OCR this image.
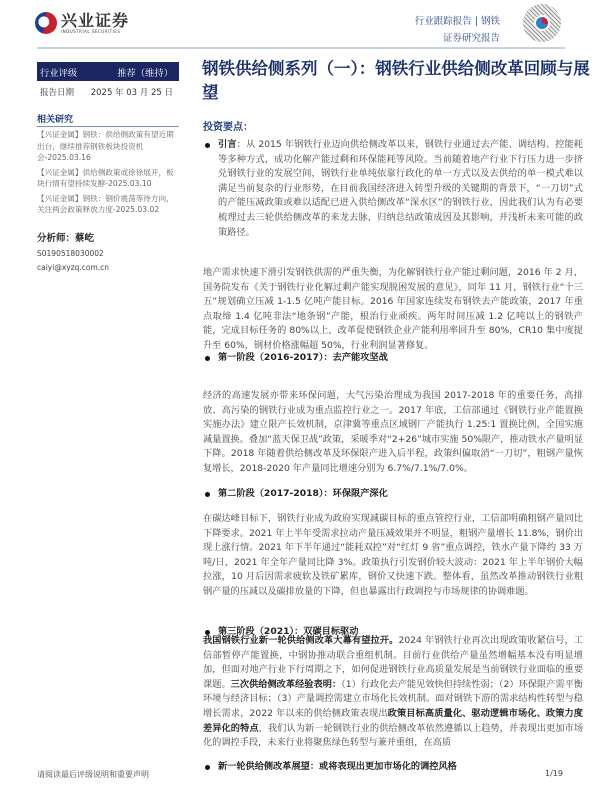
兴业证券
INDUSTRIAL SECURITIES
行业跟踪报告 | 钢铁
证券研究报告
行业评级	推荐（维持）
报告日期 2025 年 03 月 25 日
相关研究
【兴证金属】钢铁：供给侧政策有望近期出台，继续推荐钢铁板块投资机会-2025.03.16
【兴证金属】供给侧政策或徐徐展开，板块行情有望持续发酵-2025.03.10
【兴证金属】钢铁：钢价震荡等待方向，关注两会政策释放力度-2025.03.02
分析师：蔡屹
S0190518030002
caiyi@xyzq.com.cn
钢铁供给侧系列（一）：钢铁行业供给侧改革回顾与展望
投资要点：
引言：从 2015 年钢铁行业迈向供给侧改革以来，钢铁行业通过去产能、调结构、控能耗等多种方式，成功化解产能过剩和环保能耗等风险。当前随着地产行业下行压力进一步挤兑钢铁行业的发展空间，钢铁行业单纯依靠行政化的单一方式以及去供给的单一模式难以满足当前复杂的行业形势，在目前我国经济进入转型升级的关键期的背景下，“一刀切”式的产能压减政策或难以适配已进入供给侧改革“深水区”的钢铁行业，因此我们认为有必要梳理过去三轮供给侧改革的来龙去脉，归纳总结政策成因及其影响，并浅析未来可能的政策路径。
第一阶段（2016-2017）：去产能攻坚战
地产需求快速下滑引发钢铁供需的严重失衡，为化解钢铁行业产能过剩问题，2016 年 2 月，国务院发布《关于钢铁行业化解过剩产能实现脱困发展的意见》，同年 11 月，钢铁行业“十三五”规划确立压减 1-1.5 亿吨产能目标。2016 年国家连续发布钢铁去产能政策，2017 年重点取缔 1.4 亿吨非法“地条钢”产能，根治行业顽疾。两年时间压减 1.2 亿吨以上的钢铁产能，完成目标任务的 80%以上，改革促使钢铁企业产能利用率回升至 80%，CR10 集中度提升至 60%，钢材价格涨幅超 50%，行业利润显著修复。
第二阶段（2017-2018）：环保限产深化
经济的高速发展亦带来环保问题，大气污染治理成为我国 2017-2018 年的重要任务，高排放、高污染的钢铁行业成为重点监控行业之一。2017 年底，工信部通过《钢铁行业产能置换实施办法》建立限产长效机制，京津冀等重点区域钢厂产能执行 1.25:1 置换比例，全国实施减量置换。叠加“蓝天保卫战”政策，采暖季对“2+26”城市实施 50%限产，推动铁水产量明显下降。2018 年随着供给侧改革及环保限产进入后半程，政策纠偏取消“一刀切”，粗钢产量恢复增长，2018-2020 年产量同比增速分别为 6.7%/7.1%/7.0%。
第三阶段（2021）：双碳目标驱动
在碳达峰目标下，钢铁行业成为政府实现减碳目标的重点管控行业，工信部明确粗钢产量同比下降要求。2021 年上半年受需求拉动产量压减效果并不明显，粗钢产量增长 11.8%，钢价出现上涨行情。2021 年下半年通过“能耗双控”对“红灯 9 省”重点调控，铁水产量下降约 33 万吨/日，2021 年全年产量同比降 3%。政策执行引发钢价较大波动：2021 年上半年钢价大幅拉涨，10 月后因需求疲软及铁矿累库，钢价又快速下跌。整体看，虽然改革推动钢铁行业粗钢产量的压减以及碳排放量的下降，但也暴露出行政调控与市场规律的协调难题。
新一轮供给侧改革展望：或将表现出更加市场化的调控风格
我国钢铁行业新一轮供给侧改革大幕有望拉开。2024 年钢铁行业再次出现政策收紧信号，工信部暂停产能置换，中钢协推动联合重组机制。目前行业供给产量虽然增幅基本没有明显增加，但面对地产行业下行周期之下，如何促进钢铁行业高质量发展是当前钢铁行业面临的重要课题。三次供给侧改革经验表明：（1）行政化去产能见效快但持续性弱；（2）环保限产需平衡环境与经济目标；（3）产量调控需建立市场化长效机制。面对钢铁下游的需求结构性转型与稳增长需求，2022 年以来的供给侧政策表现出政策目标高质量化、驱动逻辑市场化、政策力度差异化的特点，我们认为新一轮钢铁行业的供给侧改革依然遵循以上趋势，并表现出更加市场化的调控手段，未来行业将聚焦绿色转型与兼并重组，在高质
请阅读最后评级说明和重要声明	1/19
